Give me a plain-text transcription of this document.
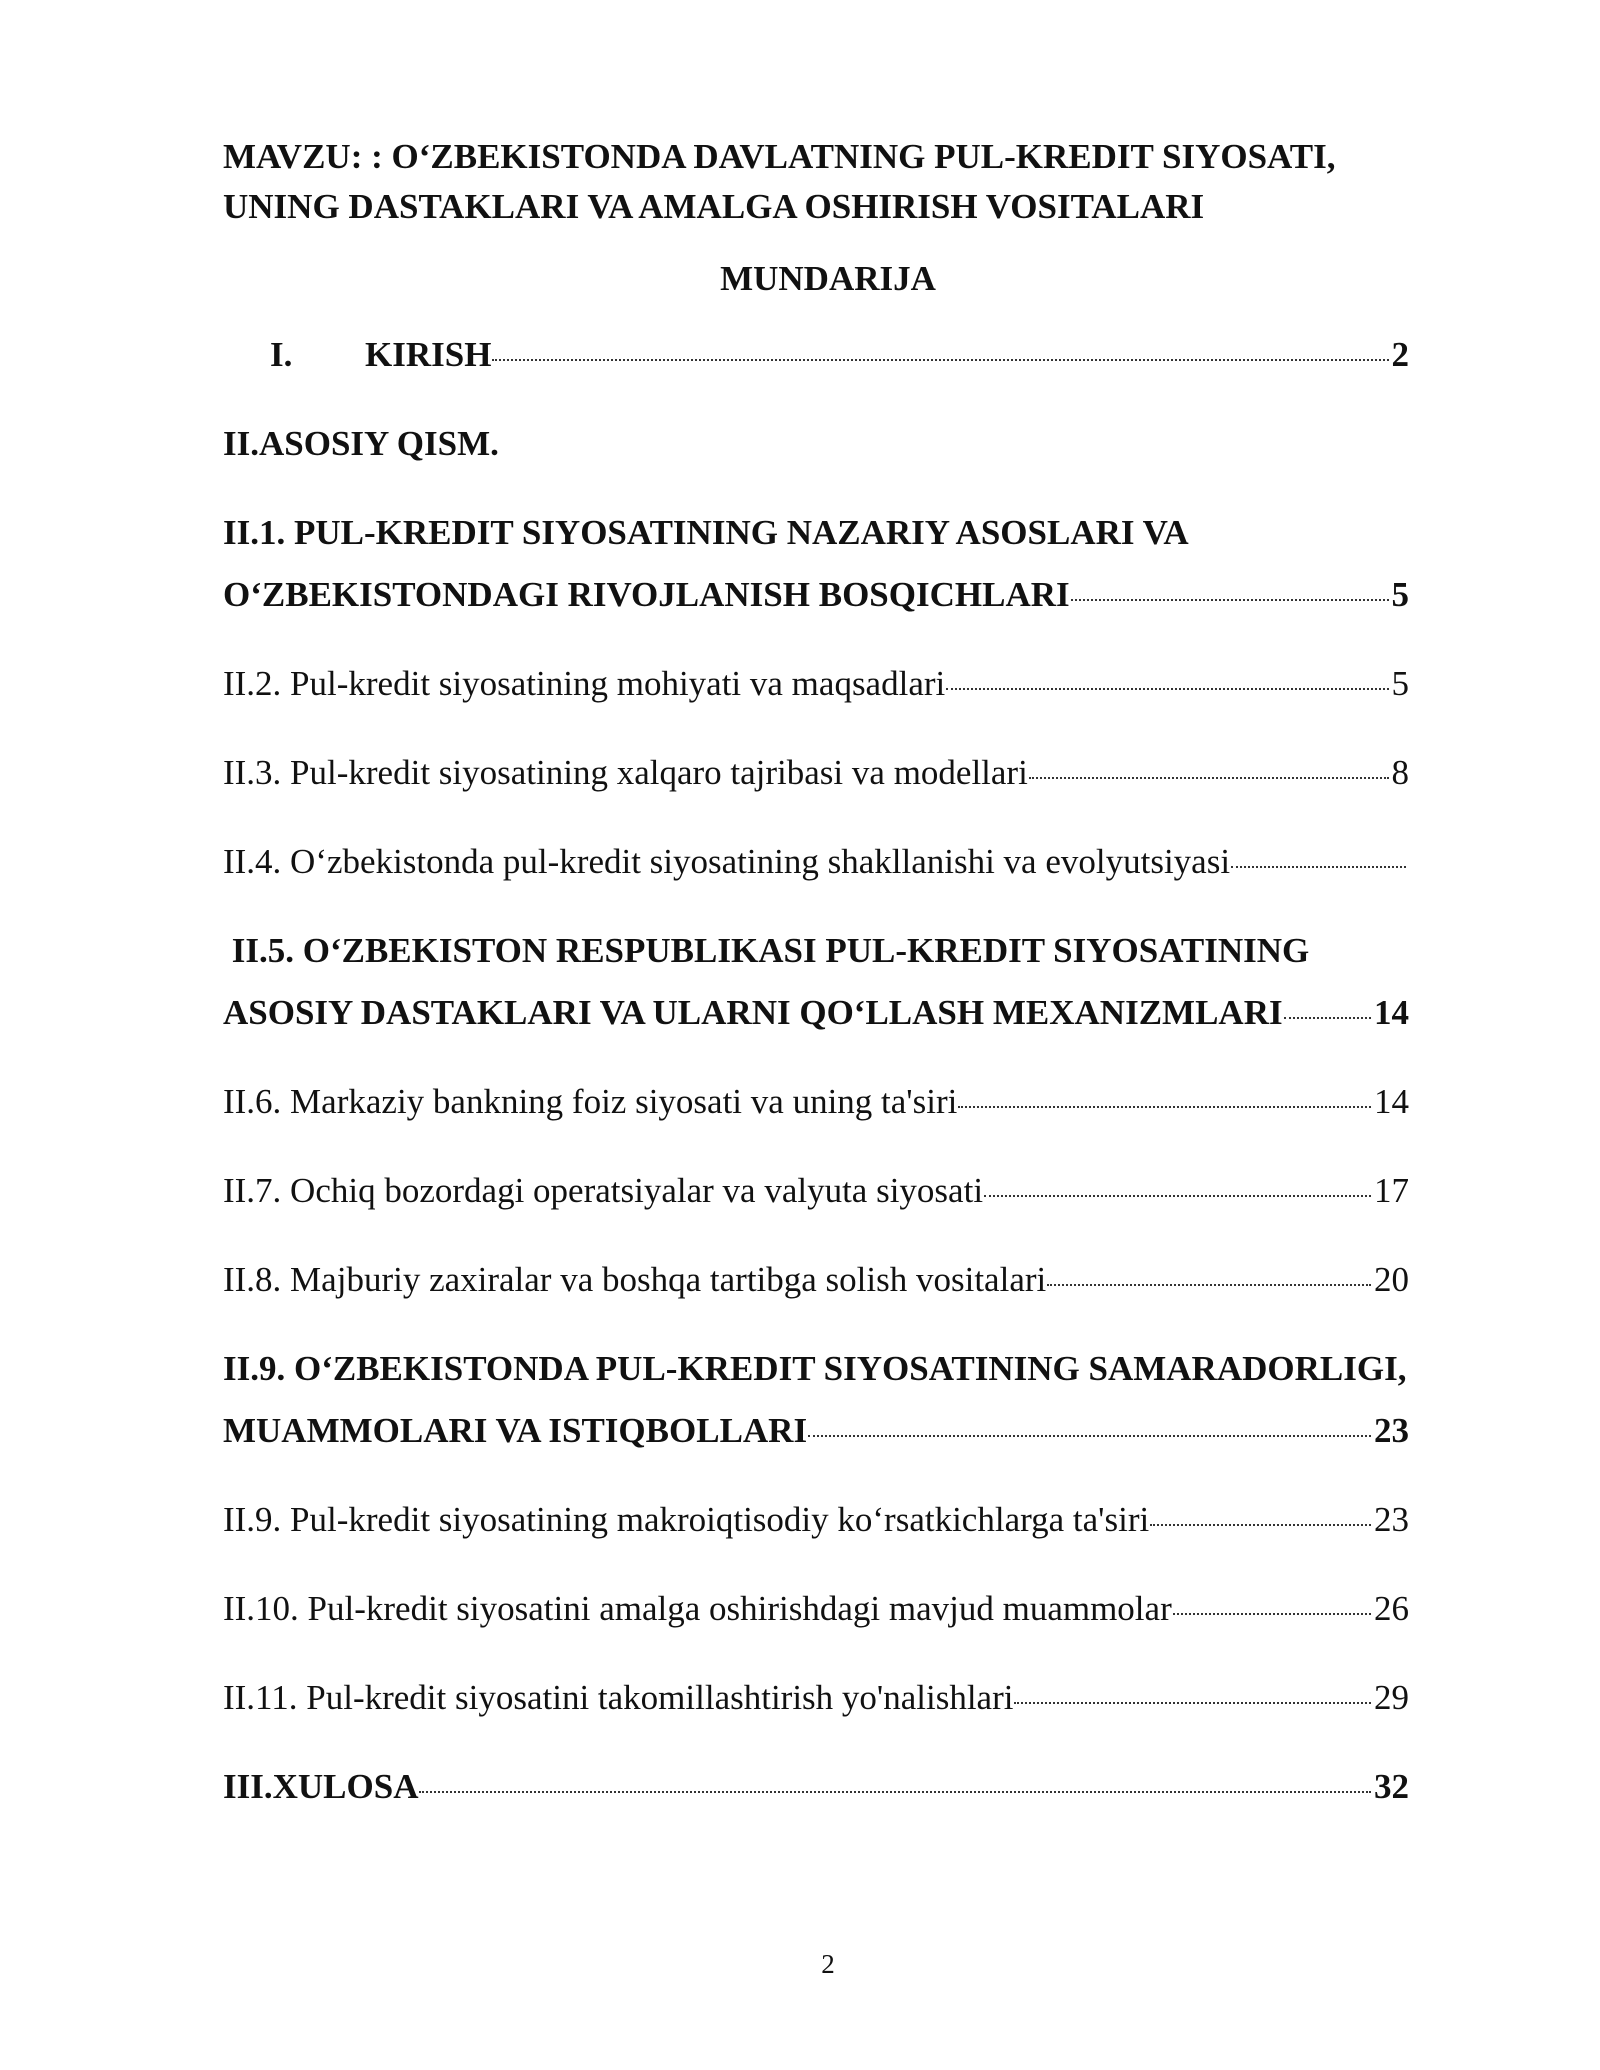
MAVZU: : O‘ZBEKISTONDA DAVLATNING PUL-KREDIT SIYOSATI,
UNING DASTAKLARI VA AMALGA OSHIRISH VOSITALARI
MUNDARIJA
I. KIRISH	2
II.ASOSIY QISM.
II.1. PUL-KREDIT SIYOSATINING NAZARIY ASOSLARI VA
O‘ZBEKISTONDAGI RIVOJLANISH BOSQICHLARI	5
II.2. Pul-kredit siyosatining mohiyati va maqsadlari	5
II.3. Pul-kredit siyosatining xalqaro tajribasi va modellari	8
II.4. O‘zbekistonda pul-kredit siyosatining shakllanishi va evolyutsiyasi
II.5. O‘ZBEKISTON RESPUBLIKASI PUL-KREDIT SIYOSATINING
ASOSIY DASTAKLARI VA ULARNI QO‘LLASH MEXANIZMLARI	14
II.6. Markaziy bankning foiz siyosati va uning ta'siri	14
II.7. Ochiq bozordagi operatsiyalar va valyuta siyosati	17
II.8. Majburiy zaxiralar va boshqa tartibga solish vositalari	20
II.9. O‘ZBEKISTONDA PUL-KREDIT SIYOSATINING SAMARADORLIGI,
MUAMMOLARI VA ISTIQBOLLARI	23
II.9. Pul-kredit siyosatining makroiqtisodiy ko‘rsatkichlarga ta'siri	23
II.10. Pul-kredit siyosatini amalga oshirishdagi mavjud muammolar	26
II.11. Pul-kredit siyosatini takomillashtirish yo'nalishlari	29
III.XULOSA	32
2
